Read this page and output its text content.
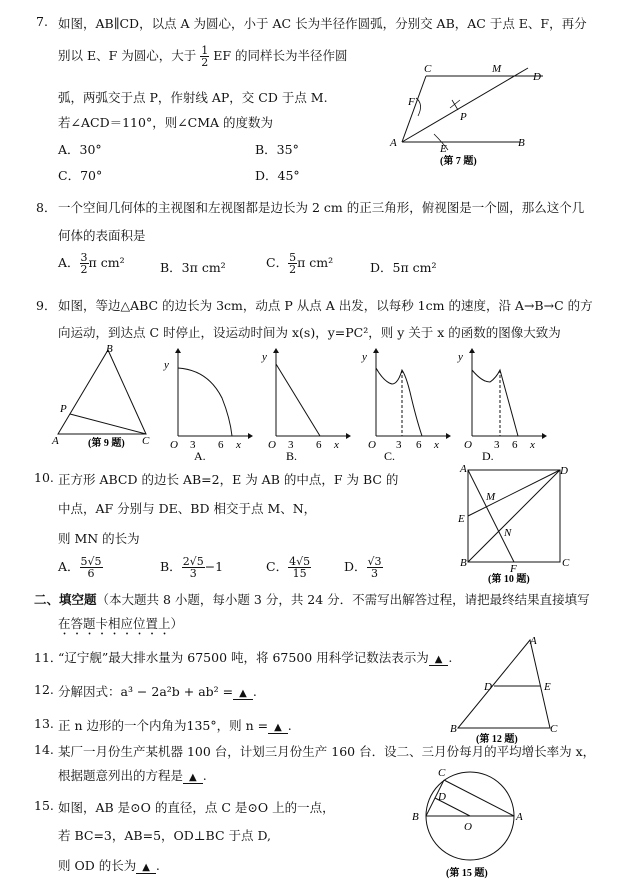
7. 如图，AB∥CD，以点 A 为圆心，小于 AC 长为半径作圆弧，分别交 AB，AC 于点 E、F，再分
别以 E、F 为圆心，大于 $\frac{1}{2}$ EF 的同样长为半径作圆
弧，两弧交于点 P，作射线 AP，交 CD 于点 M.
若∠ACD＝110°，则∠CMA 的度数为
A．30°	B．35°
C．70°	D．45°
C	M
D
F
P
A	E	B
(第 7 题)
8． 一个空间几何体的主视图和左视图都是边长为 2 cm 的正三角形，俯视图是一个圆，那么这个几
何体的表面积是
A． $\frac{3}{2}$ π cm²	B．3π cm²	C． $\frac{5}{2}$ π cm²	D．5π cm²
9． 如图，等边△ABC 的边长为 3cm，动点 P 从点 A 出发，以每秒 1cm 的速度，沿 A→B→C 的方
向运动，到达点 C 时停止，设运动时间为 x(s)，y=PC²，则 y 关于 x 的函数的图像大致为
A
B
C
P
(第 9 题)
y
O 3 6 x
A.
y
O 3 6 x
B.
y
O 3 6 x
C.
y
O 3 6 x
D.
10. 正方形 ABCD 的边长 AB=2，E 为 AB 的中点，F 为 BC 的
中点，AF 分别与 DE、BD 相交于点 M、N，
则 MN 的长为
A． $\frac{5√5}{6}$	B． $\frac{2√5}{3} -1$	C． $\frac{4√5}{15}$	D． $\frac{√3}{3}$
A	D
M
E
N
B	F	C
(第 10 题)
二、填空题（本大题共 8 小题，每小题 3 分，共 24 分．不需写出解答过程，请把最终结果直接填写
在答题卡相应位置上）
11．
“辽宁舰”最大排水量为 67500 吨，将 67500 用科学记数法表示为 ▲ .
12. 分解因式：a³ − 2a²b + ab² = ▲ .
A
D	E
B	C
(第 12 题)
13. 正 n 边形的一个内角为135°，则 n = ▲ .
14. 某厂一月份生产某机器 100 台，计划三月份生产 160 台．设二、三月份每月的平均增长率为 x，
根据题意列出的方程是 ▲ .
15. 如图，AB 是⊙O 的直径，点 C 是⊙O 上的一点，
若 BC=3，AB=5，OD⊥BC 于点 D,
则 OD 的长为 ▲ .
C
D
B
O
A
(第 15 题)
